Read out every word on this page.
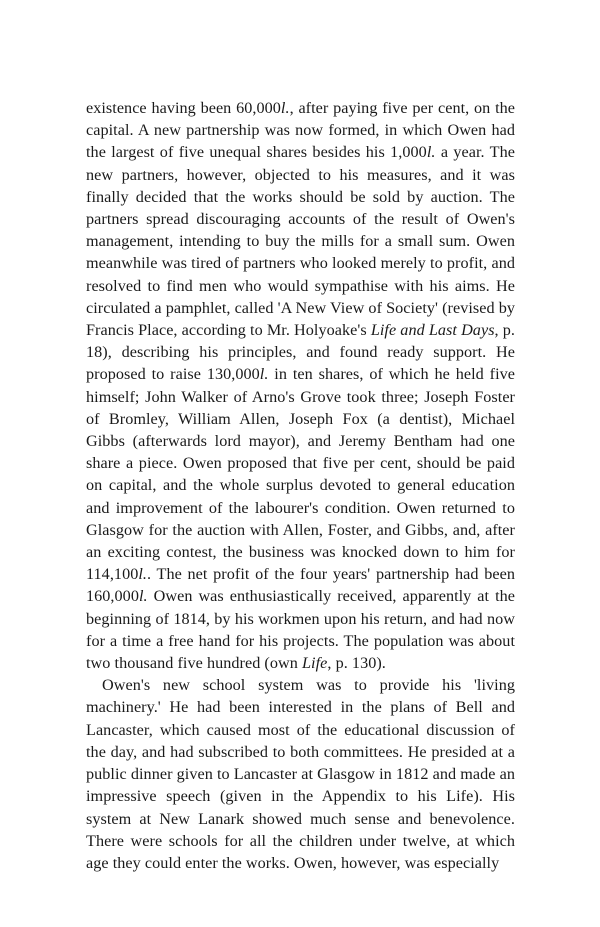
existence having been 60,000l., after paying five per cent, on the capital. A new partnership was now formed, in which Owen had the largest of five unequal shares besides his 1,000l. a year. The new partners, however, objected to his measures, and it was finally decided that the works should be sold by auction. The partners spread discouraging accounts of the result of Owen's management, intending to buy the mills for a small sum. Owen meanwhile was tired of partners who looked merely to profit, and resolved to find men who would sympathise with his aims. He circulated a pamphlet, called 'A New View of Society' (revised by Francis Place, according to Mr. Holyoake's Life and Last Days, p. 18), describing his principles, and found ready support. He proposed to raise 130,000l. in ten shares, of which he held five himself; John Walker of Arno's Grove took three; Joseph Foster of Bromley, William Allen, Joseph Fox (a dentist), Michael Gibbs (afterwards lord mayor), and Jeremy Bentham had one share a piece. Owen proposed that five per cent, should be paid on capital, and the whole surplus devoted to general education and improvement of the labourer's condition. Owen returned to Glasgow for the auction with Allen, Foster, and Gibbs, and, after an exciting contest, the business was knocked down to him for 114,100l.. The net profit of the four years' partnership had been 160,000l. Owen was enthusiastically received, apparently at the beginning of 1814, by his workmen upon his return, and had now for a time a free hand for his projects. The population was about two thousand five hundred (own Life, p. 130).

Owen's new school system was to provide his 'living machinery.' He had been interested in the plans of Bell and Lancaster, which caused most of the educational discussion of the day, and had subscribed to both committees. He presided at a public dinner given to Lancaster at Glasgow in 1812 and made an impressive speech (given in the Appendix to his Life). His system at New Lanark showed much sense and benevolence. There were schools for all the children under twelve, at which age they could enter the works. Owen, however, was especially
